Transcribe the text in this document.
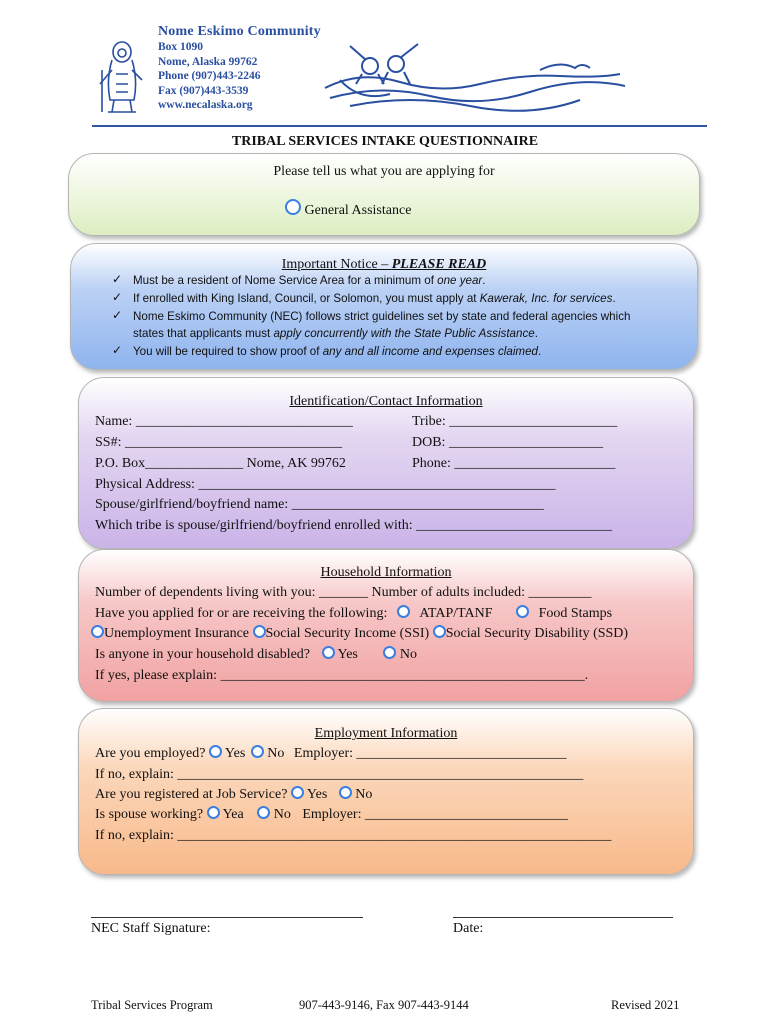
Nome Eskimo Community
Box 1090
Nome, Alaska 99762
Phone (907)443-2246
Fax (907)443-3539
www.necalaska.org
TRIBAL SERVICES INTAKE QUESTIONNAIRE
Please tell us what you are applying for
General Assistance
Important Notice – PLEASE READ
✓ Must be a resident of Nome Service Area for a minimum of one year.
✓ If enrolled with King Island, Council, or Solomon, you must apply at Kawerak, Inc. for services.
✓ Nome Eskimo Community (NEC) follows strict guidelines set by state and federal agencies which
states that applicants must apply concurrently with the State Public Assistance.
✓ You will be required to show proof of any and all income and expenses claimed.
Identification/Contact Information
Name: _______________________________	Tribe: ________________________
SS#: _______________________________	DOB: ______________________
P.O. Box______________ Nome, AK 99762	Phone: _______________________
Physical Address: ___________________________________________________
Spouse/girlfriend/boyfriend name: ____________________________________
Which tribe is spouse/girlfriend/boyfriend enrolled with: ____________________________
Household Information
Number of dependents living with you: _______ Number of adults included: _________
Have you applied for or are receiving the following: ATAP/TANF	Food Stamps
Unemployment Insurance Social Security Income (SSI) Social Security Disability (SSD)
Is anyone in your household disabled? Yes	No
If yes, please explain: ____________________________________________________.
Employment Information
Are you employed? Yes No Employer: ______________________________
If no, explain: __________________________________________________________
Are you registered at Job Service? Yes No
Is spouse working? Yea No Employer: _____________________________
If no, explain: ______________________________________________________________
NEC Staff Signature:	Date:
Tribal Services Program	907-443-9146, Fax 907-443-9144	Revised 2021
